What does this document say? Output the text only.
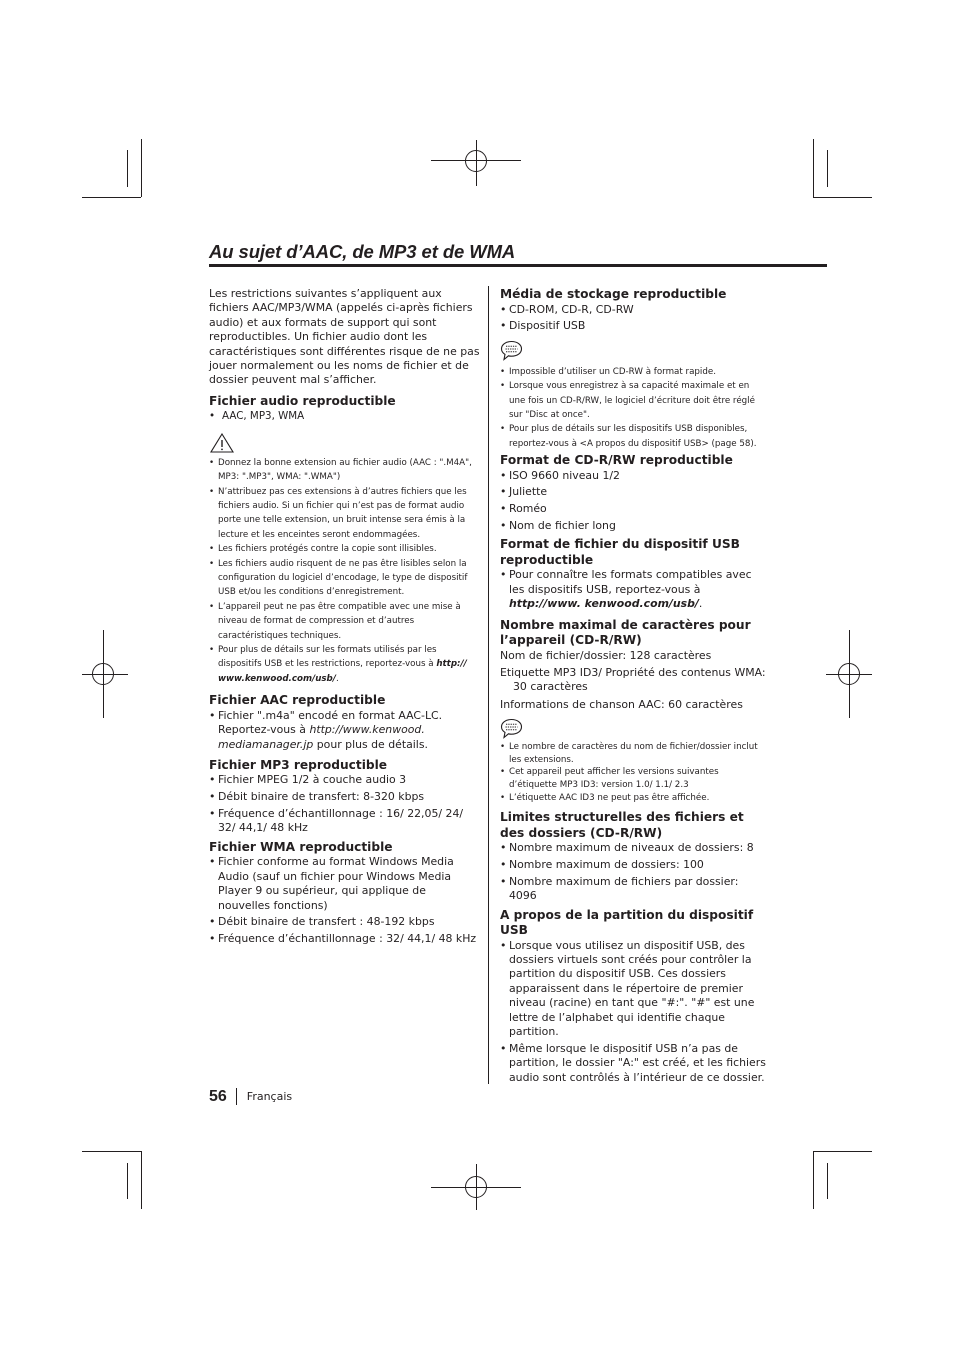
Au sujet d’AAC, de MP3 et de WMA

Les restrictions suivantes s’appliquent aux fichiers AAC/MP3/WMA (appelés ci-après fichiers audio) et aux formats de support qui sont reproductibles. Un fichier audio dont les caractéristiques sont différentes risque de ne pas jouer normalement ou les noms de fichier et de dossier peuvent mal s’afficher.

Fichier audio reproductible
• AAC, MP3, WMA
• Donnez la bonne extension au fichier audio (AAC : ".M4A", MP3: ".MP3", WMA: ".WMA")
• N’attribuez pas ces extensions à d’autres fichiers que les fichiers audio. Si un fichier qui n’est pas de format audio porte une telle extension, un bruit intense sera émis à la lecture et les enceintes seront endommagées.
• Les fichiers protégés contre la copie sont illisibles.
• Les fichiers audio risquent de ne pas être lisibles selon la configuration du logiciel d’encodage, le type de dispositif USB et/ou les conditions d’enregistrement.
• L’appareil peut ne pas être compatible avec une mise à niveau de format de compression et d’autres caractéristiques techniques.
• Pour plus de détails sur les formats utilisés par les dispositifs USB et les restrictions, reportez-vous à http:// www.kenwood.com/usb/.
Fichier AAC reproductible
• Fichier ".m4a" encodé en format AAC-LC.
Reportez-vous à http://www.kenwood. mediamanager.jp pour plus de détails.
Fichier MP3 reproductible
• Fichier MPEG 1/2 à couche audio 3
• Débit binaire de transfert: 8-320 kbps
• Fréquence d’échantillonnage : 16/ 22,05/ 24/ 32/ 44,1/ 48 kHz
Fichier WMA reproductible
• Fichier conforme au format Windows Media Audio (sauf un fichier pour Windows Media Player 9 ou supérieur, qui applique de nouvelles fonctions)
• Débit binaire de transfert : 48-192 kbps
• Fréquence d’échantillonnage : 32/ 44,1/ 48 kHz
Média de stockage reproductible
• CD-ROM, CD-R, CD-RW
• Dispositif USB
• Impossible d’utiliser un CD-RW à format rapide.
• Lorsque vous enregistrez à sa capacité maximale et en une fois un CD-R/RW, le logiciel d’écriture doit être réglé sur "Disc at once".
• Pour plus de détails sur les dispositifs USB disponibles, reportez-vous à <A propos du dispositif USB> (page 58).
Format de CD-R/RW reproductible
• ISO 9660 niveau 1/2
• Juliette
• Roméo
• Nom de fichier long
Format de fichier du dispositif USB reproductible
• Pour connaître les formats compatibles avec les dispositifs USB, reportez-vous à http://www. kenwood.com/usb/.
Nombre maximal de caractères pour l’appareil (CD-R/RW)

Nom de fichier/dossier: 128 caractères

Etiquette MP3 ID3/ Propriété des contenus WMA:

30 caractères

Informations de chanson AAC: 60 caractères

• Le nombre de caractères du nom de fichier/dossier inclut les extensions.
• Cet appareil peut afficher les versions suivantes d’étiquette MP3 ID3: version 1.0/ 1.1/ 2.3
• L’étiquette AAC ID3 ne peut pas être affichée.
Limites structurelles des fichiers et des dossiers (CD-R/RW)
• Nombre maximum de niveaux de dossiers: 8
• Nombre maximum de dossiers: 100
• Nombre maximum de fichiers par dossier: 4096
A propos de la partition du dispositif USB
• Lorsque vous utilisez un dispositif USB, des dossiers virtuels sont créés pour contrôler la partition du dispositif USB. Ces dossiers apparaissent dans le répertoire de premier niveau (racine) en tant que "#:". "#" est une lettre de l’alphabet qui identifie chaque partition.
• Même lorsque le dispositif USB n’a pas de partition, le dossier "A:" est créé, et les fichiers audio sont contrôlés à l’intérieur de ce dossier.
56 Français
